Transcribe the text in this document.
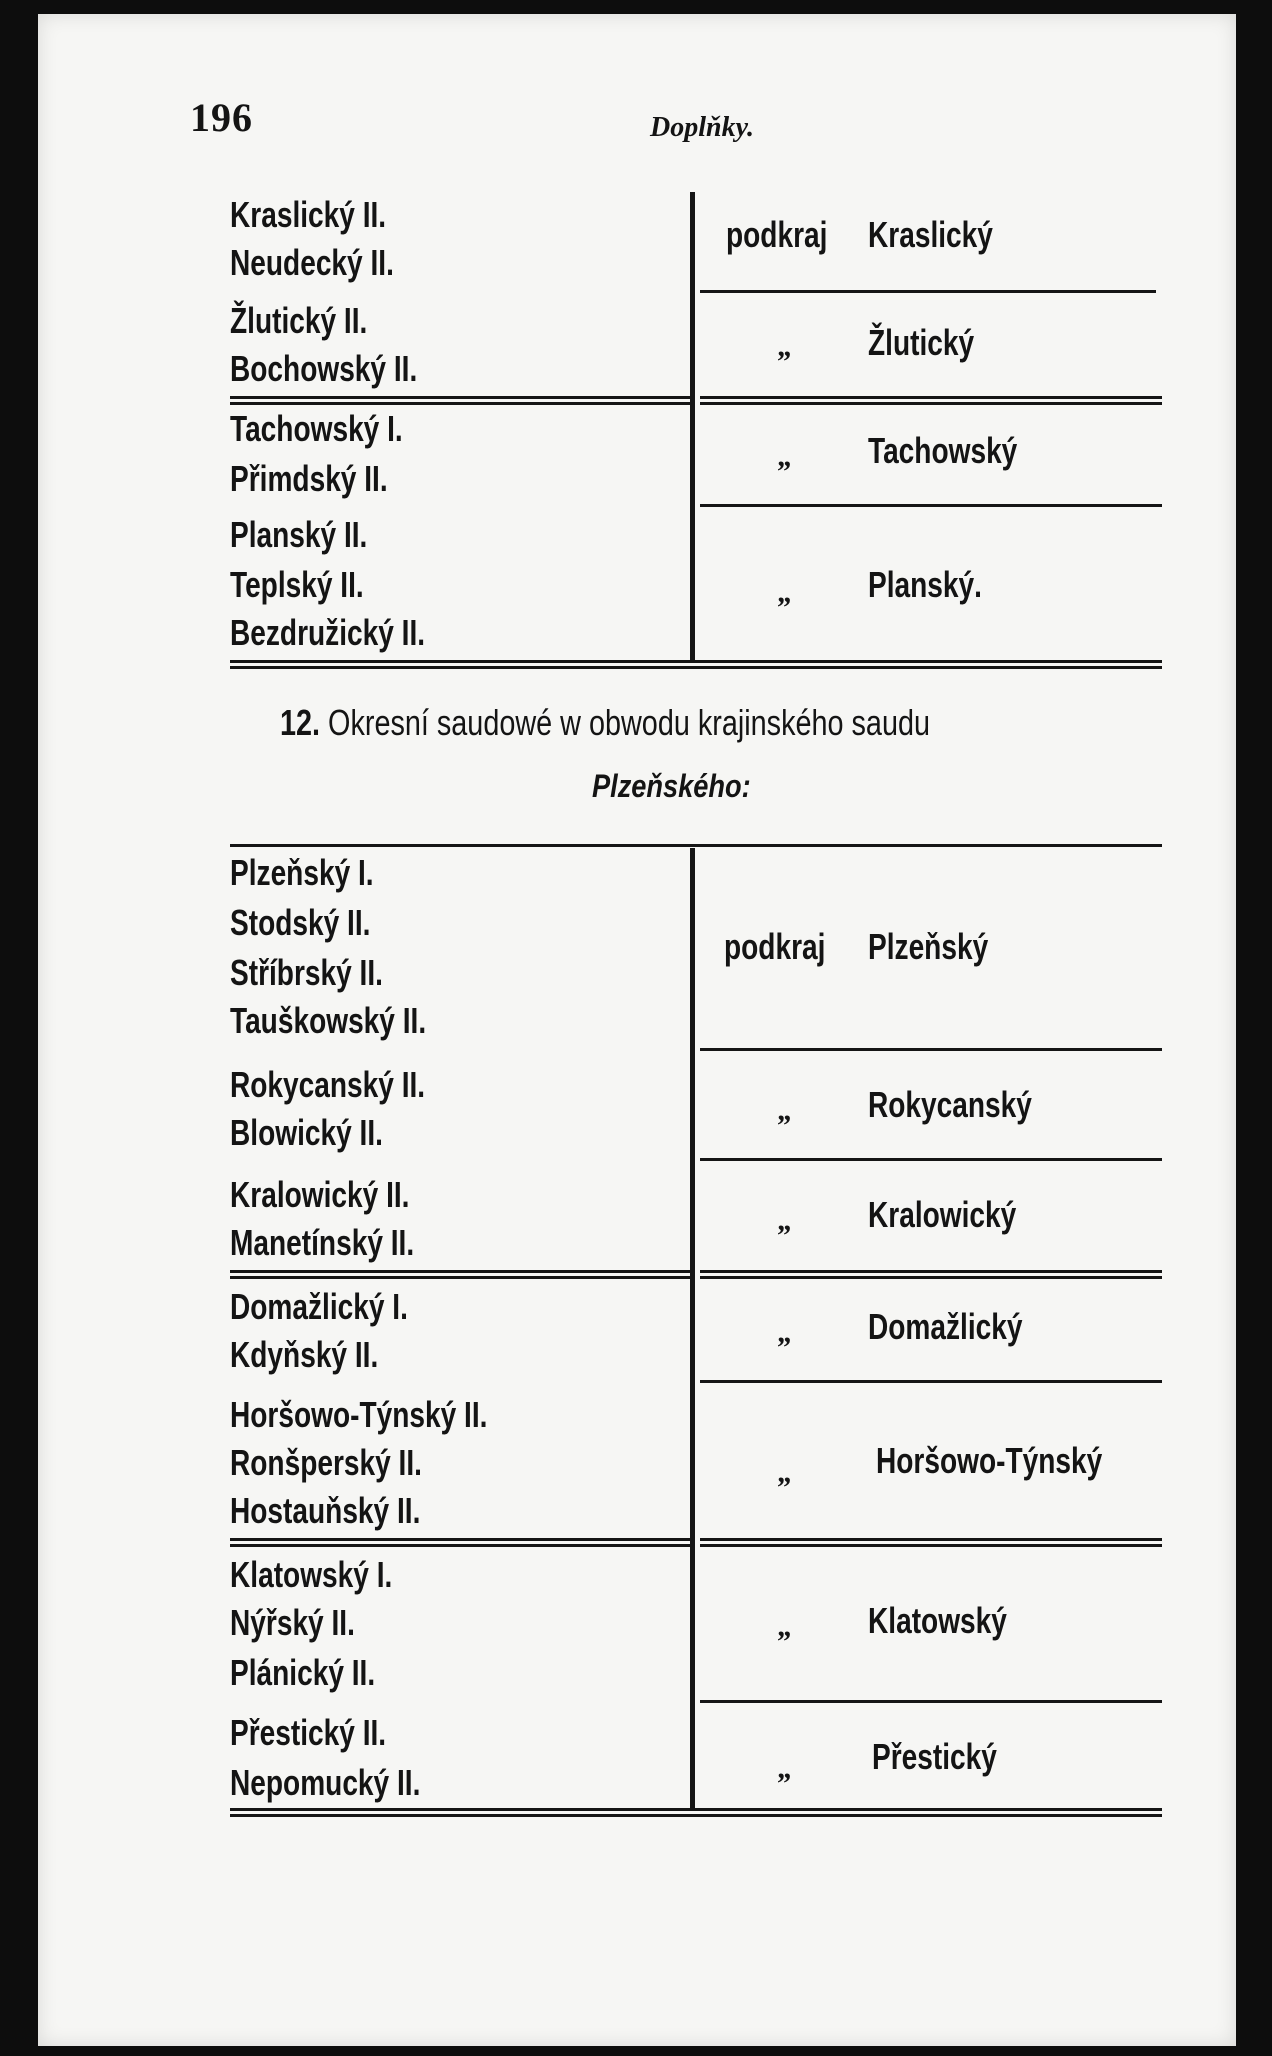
196	Doplňky.
Kraslický II.
Neudecký II.
podkraj Kraslický
Žlutický II.
Bochowský II.
„ Žlutický
Tachowský I.
Přimdský II.
„ Tachowský
Planský II.
Teplský II.
Bezdružický II.
„ Planský.
12. Okresní saudowé w obwodu krajinského saudu
Plzeňského:
Plzeňský I.
Stodský II.
Stříbrský II.
Tauškowský II.
podkraj Plzeňský
Rokycanský II.
Blowický II.
„ Rokycanský
Kralowický II.
Manetínský II.
„ Kralowický
Domažlický I.
Kdyňský II.
„ Domažlický
Horšowo-Týnský II.
Ronšperský II.
Hostauňský II.
„ Horšowo-Týnský
Klatowský I.
Nýřský II.
Plánický II.
„ Klatowský
Přestický II.
Nepomucký II.	„ Přestický
